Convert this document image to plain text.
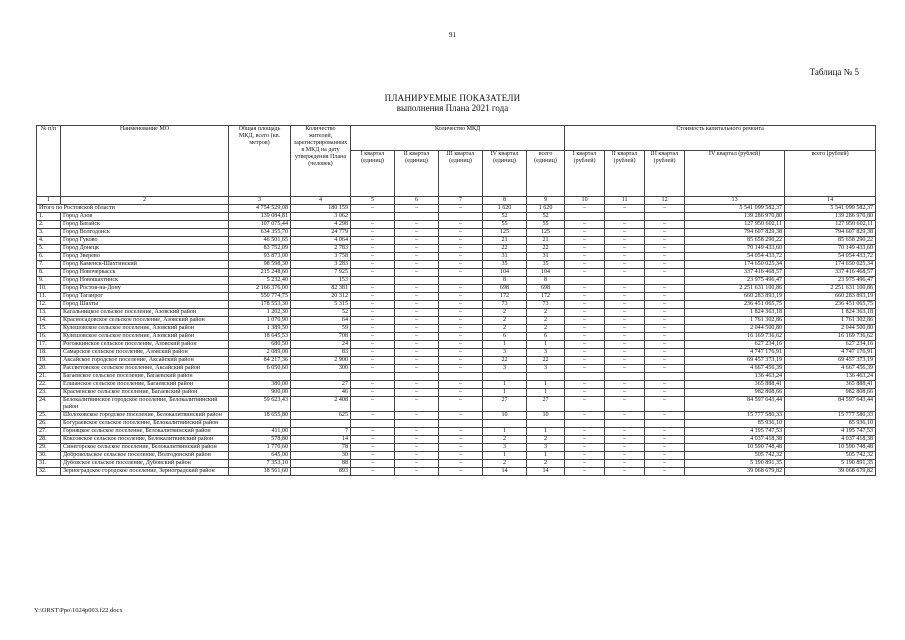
91
Таблица № 5
ПЛАНИРУЕМЫЕ ПОКАЗАТЕЛИ
выполнения Плана 2021 года
№ п/п	Наименование МО	Общая площадь МКД, всего (кв. метров)	Количество жителей, зарегистрированных в МКД на дату утверждения Плана (человек)	Количество МКД					Стоимость капитального ремонта				
				I квартал (единиц)	II квартал (единиц)	III квартал (единиц)	IV квартал (единиц)	всего (единиц)	I квартал (рублей)	II квартал (рублей)	III квартал (рублей)	IV квартал (рублей)	всего (рублей)
1	2	3	4	5	6	7	8	9	10	11	12	13	14
Итого по Ростовской области		4 754 529,08	180 159	–	–	–	1 620	1 620	–	–	–	5 541 099 582,37	5 541 099 582,37
1.	Город Азов	139 084,81	3 062				52	52				139 286 970,80	139 286 970,80
2.	Город Батайск	107 075,44	4 298	–	–	–	55	55	–	–	–	127 950 602,11	127 950 602,11
3.	Город Волгодонск	634 355,70	24 779	–	–	–	125	125	–	–	–	794 607 829,38	794 607 829,38
4.	Город Гуково	46 501,65	4 064	–	–	–	21	21	–	–	–	85 658 290,22	85 658 290,22
5.	Город Донецк	83 752,09	2 783	–	–	–	22	22	–	–	–	70 149 433,60	70 149 433,60
6.	Город Зверево	93 873,00	3 758	–	–	–	31	31	–	–	–	54 054 433,72	54 054 433,72
7.	Город Каменск-Шахтинский	98 598,30	3 283	–	–	–	35	35	–	–	–	174 650 025,34	174 650 025,34
8.	Город Новочеркасск	215 248,60	7 925	–	–	–	104	104	–	–	–	337 416 468,57	337 416 468,57
9.	Город Новошахтинск	5 232,40	153				8	8				23 975 496,47	23 975 496,47
10.	Город Ростов-на-Дону	2 166 376,00	82 381	–	–	–	698	698	–	–	–	2 251 631 100,86	2 251 631 100,86
11.	Город Таганрог	550 774,75	20 312	–	–	–	172	172	–	–	–	660 283 893,19	660 283 893,19
12.	Город Шахты	178 553,30	5 315	–	–	–	73	73	–	–	–	236 451 065,75	236 451 065,75
13.	Кагальницкое сельское поселение, Азовский район	1 202,30	52	–	–	–	2	2	–	–	–	1 824 363,18	1 824 363,18
14.	Красносадовское сельское поселение, Азовский район	1 070,90	64	–	–	–	2	2	–	–	–	1 761 302,86	1 761 302,86
15.	Кулешовское сельское поселение, Азовский район	1 389,50	59	–	–	–	2	2	–	–	–	2 044 500,80	2 044 500,80
16.	Кулешовское сельское поселение, Азовский район	18 645,53	708	–	–	–	6	6	–	–	–	16 169 736,62	16 169 736,62
17.	Рогожкинское сельское поселение, Азовский район	680,50	24	–	–	–	1	1	–	–	–	627 234,16	627 234,16
18.	Самарское сельское поселение, Азовский район	2 089,00	83	–	–	–	3	3	–	–	–	4 747 176,91	4 747 176,91
19.	Аксайское городское поселение, Аксайский район	84 217,36	2 900	–	–	–	22	22	–	–	–	69 457 373,19	69 457 373,19
20.	Рассветовское сельское поселение, Аксайский район	6 050,60	300	–	–	–	3	3	–	–	–	4 667 456,39	4 667 456,39
21.	Багаевское сельское поселение, Багаевский район											136 463,24	136 463,24
22.	Елшанское сельское поселение, Багаевский район	380,00	27	–	–	–	1	1	–	–	–	365 888,41	365 888,41
23.	Красненское сельское поселение, Багаевский район	900,00	46	–	–	–	1	1	–	–	–	982 808,66	982 808,66
24.	Белокалитвинское городское поселение, Белокалитвинский район	59 623,43	2 408	–	–	–	27	27	–	–	–	84 597 643,44	84 597 643,44
25.	Шолоховское городское поселение, Белокалитвинский район	18 655,80	625	–	–	–	10	10	–	–	–	15 777 580,33	15 777 580,33
26.	Богураевское сельское поселение, Белокалитвинский район											85 936,10	85 936,10
27.	Горняцкое сельское поселение, Белокалитвинский район	411,00	7	–	–	–	1	1	–	–	–	4 195 747,53	4 195 747,53
28.	Коксовское сельское поселение, Белокалитвинский район	578,80	14	–	–	–	2	2	–	–	–	4 037 418,38	4 037 418,38
29.	Синегорское сельское поселение, Белокалитвинский район	1 770,60	78	–	–	–	3	3	–	–	–	10 590 748,48	10 590 748,48
30.	Добровольское сельское поселение, Волгодонской район	645,00	30	–	–	–	1	1	–	–	–	505 742,32	505 742,32
31.	Дубовское сельское поселение, Дубовский район	7 353,10	88	–	–	–	2	2	–	–	–	5 190 891,35	5 190 891,35
32.	Зерноградское городское поселение, Зерноградский район	18 561,60	893	–	–	–	14	14	–	–	–	39 068 679,82	39 068 679,82
Y:\ORST\Ppo\1024p003.f22.docx
